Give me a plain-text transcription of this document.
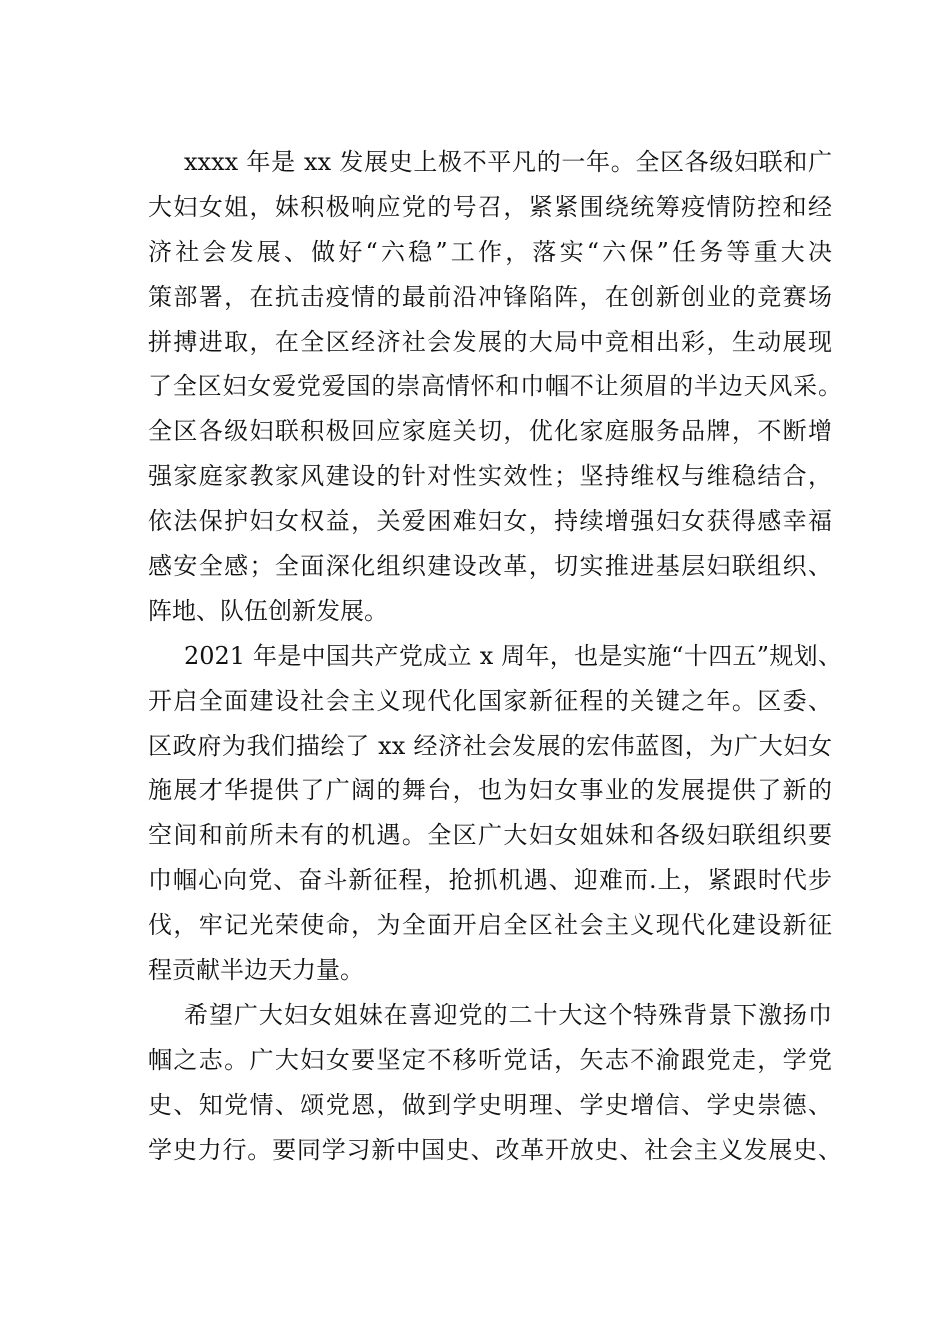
xxxx 年是 xx 发展史上极不平凡的一年。全区各级妇联和广
大妇女姐，妹积极响应党的号召，紧紧围绕统筹疫情防控和经
济社会发展、做好“六稳”工作，落实“六保”任务等重大决
策部署，在抗击疫情的最前沿冲锋陷阵，在创新创业的竞赛场
拼搏进取，在全区经济社会发展的大局中竞相出彩，生动展现
了全区妇女爱党爱国的崇高情怀和巾帼不让须眉的半边天风采。
全区各级妇联积极回应家庭关切，优化家庭服务品牌，不断增
强家庭家教家风建设的针对性实效性；坚持维权与维稳结合，
依法保护妇女权益，关爱困难妇女，持续增强妇女获得感幸福
感安全感；全面深化组织建设改革，切实推进基层妇联组织、
阵地、队伍创新发展。
2021 年是中国共产党成立 x 周年，也是实施“十四五”规划、
开启全面建设社会主义现代化国家新征程的关键之年。区委、
区政府为我们描绘了 xx 经济社会发展的宏伟蓝图，为广大妇女
施展才华提供了广阔的舞台，也为妇女事业的发展提供了新的
空间和前所未有的机遇。全区广大妇女姐妹和各级妇联组织要
巾帼心向党、奋斗新征程，抢抓机遇、迎难而.上，紧跟时代步
伐，牢记光荣使命，为全面开启全区社会主义现代化建设新征
程贡献半边天力量。
希望广大妇女姐妹在喜迎党的二十大这个特殊背景下激扬巾
帼之志。广大妇女要坚定不移听党话，矢志不渝跟党走，学党
史、知党情、颂党恩，做到学史明理、学史增信、学史崇德、
学史力行。要同学习新中国史、改革开放史、社会主义发展史、
